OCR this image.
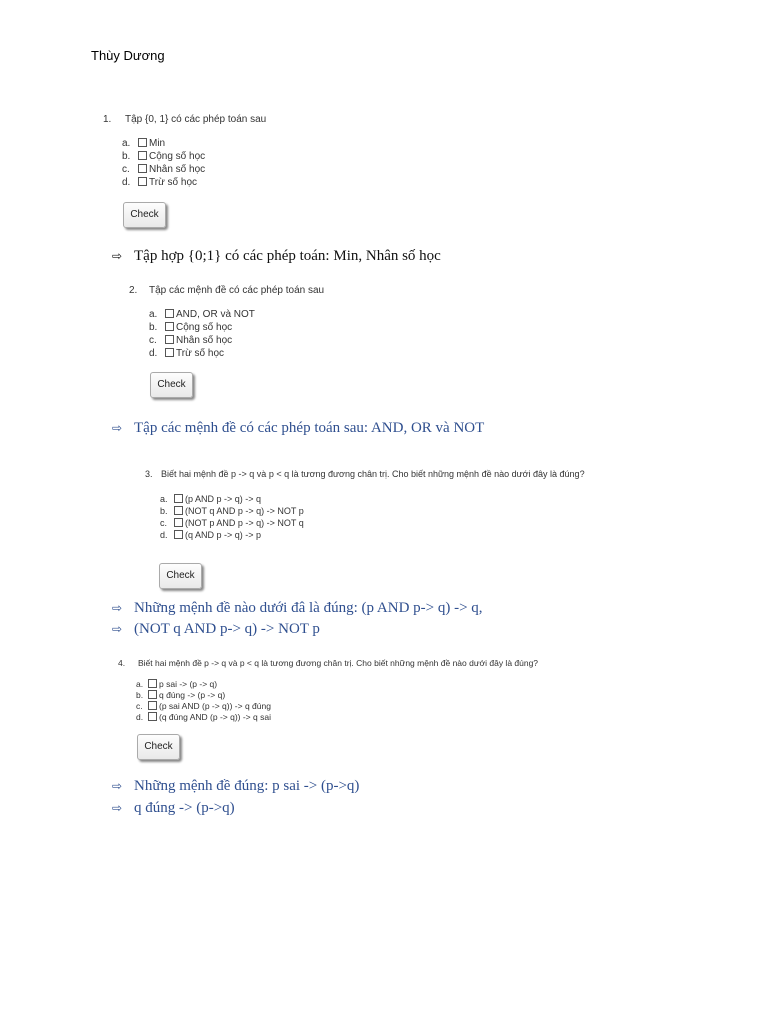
Thùy Dương
1. Tập {0, 1} có các phép toán sau
a. Min
b. Cộng số học
c. Nhân số học
d. Trừ số học
Check
⇨ Tập hợp {0;1} có các phép toán: Min, Nhân số học
2. Tập các mệnh đề có các phép toán sau
a. AND, OR và NOT
b. Cộng số học
c. Nhân số học
d. Trừ số học
Check
⇨ Tập các mệnh đề có các phép toán sau: AND, OR và NOT
3. Biết hai mệnh đề p -> q và p < q là tương đương chân trị. Cho biết những mệnh đề nào dưới đây là đúng?
a. (p AND p -> q) -> q
b. (NOT q AND p -> q) -> NOT p
c. (NOT p AND p -> q) -> NOT q
d. (q AND p -> q) -> p
Check
⇨ Những mệnh đề nào dưới đâ là đúng: (p AND p-> q) -> q,
⇨ (NOT q AND p-> q) -> NOT p
4. Biết hai mệnh đề p -> q và p < q là tương đương chân trị. Cho biết những mệnh đề nào dưới đây là đúng?
a. p sai -> (p -> q)
b. q đúng -> (p -> q)
c. (p sai AND (p -> q)) -> q đúng
d. (q đúng AND (p -> q)) -> q sai
Check
⇨ Những mệnh đề đúng: p sai -> (p->q)
⇨ q đúng -> (p->q)
